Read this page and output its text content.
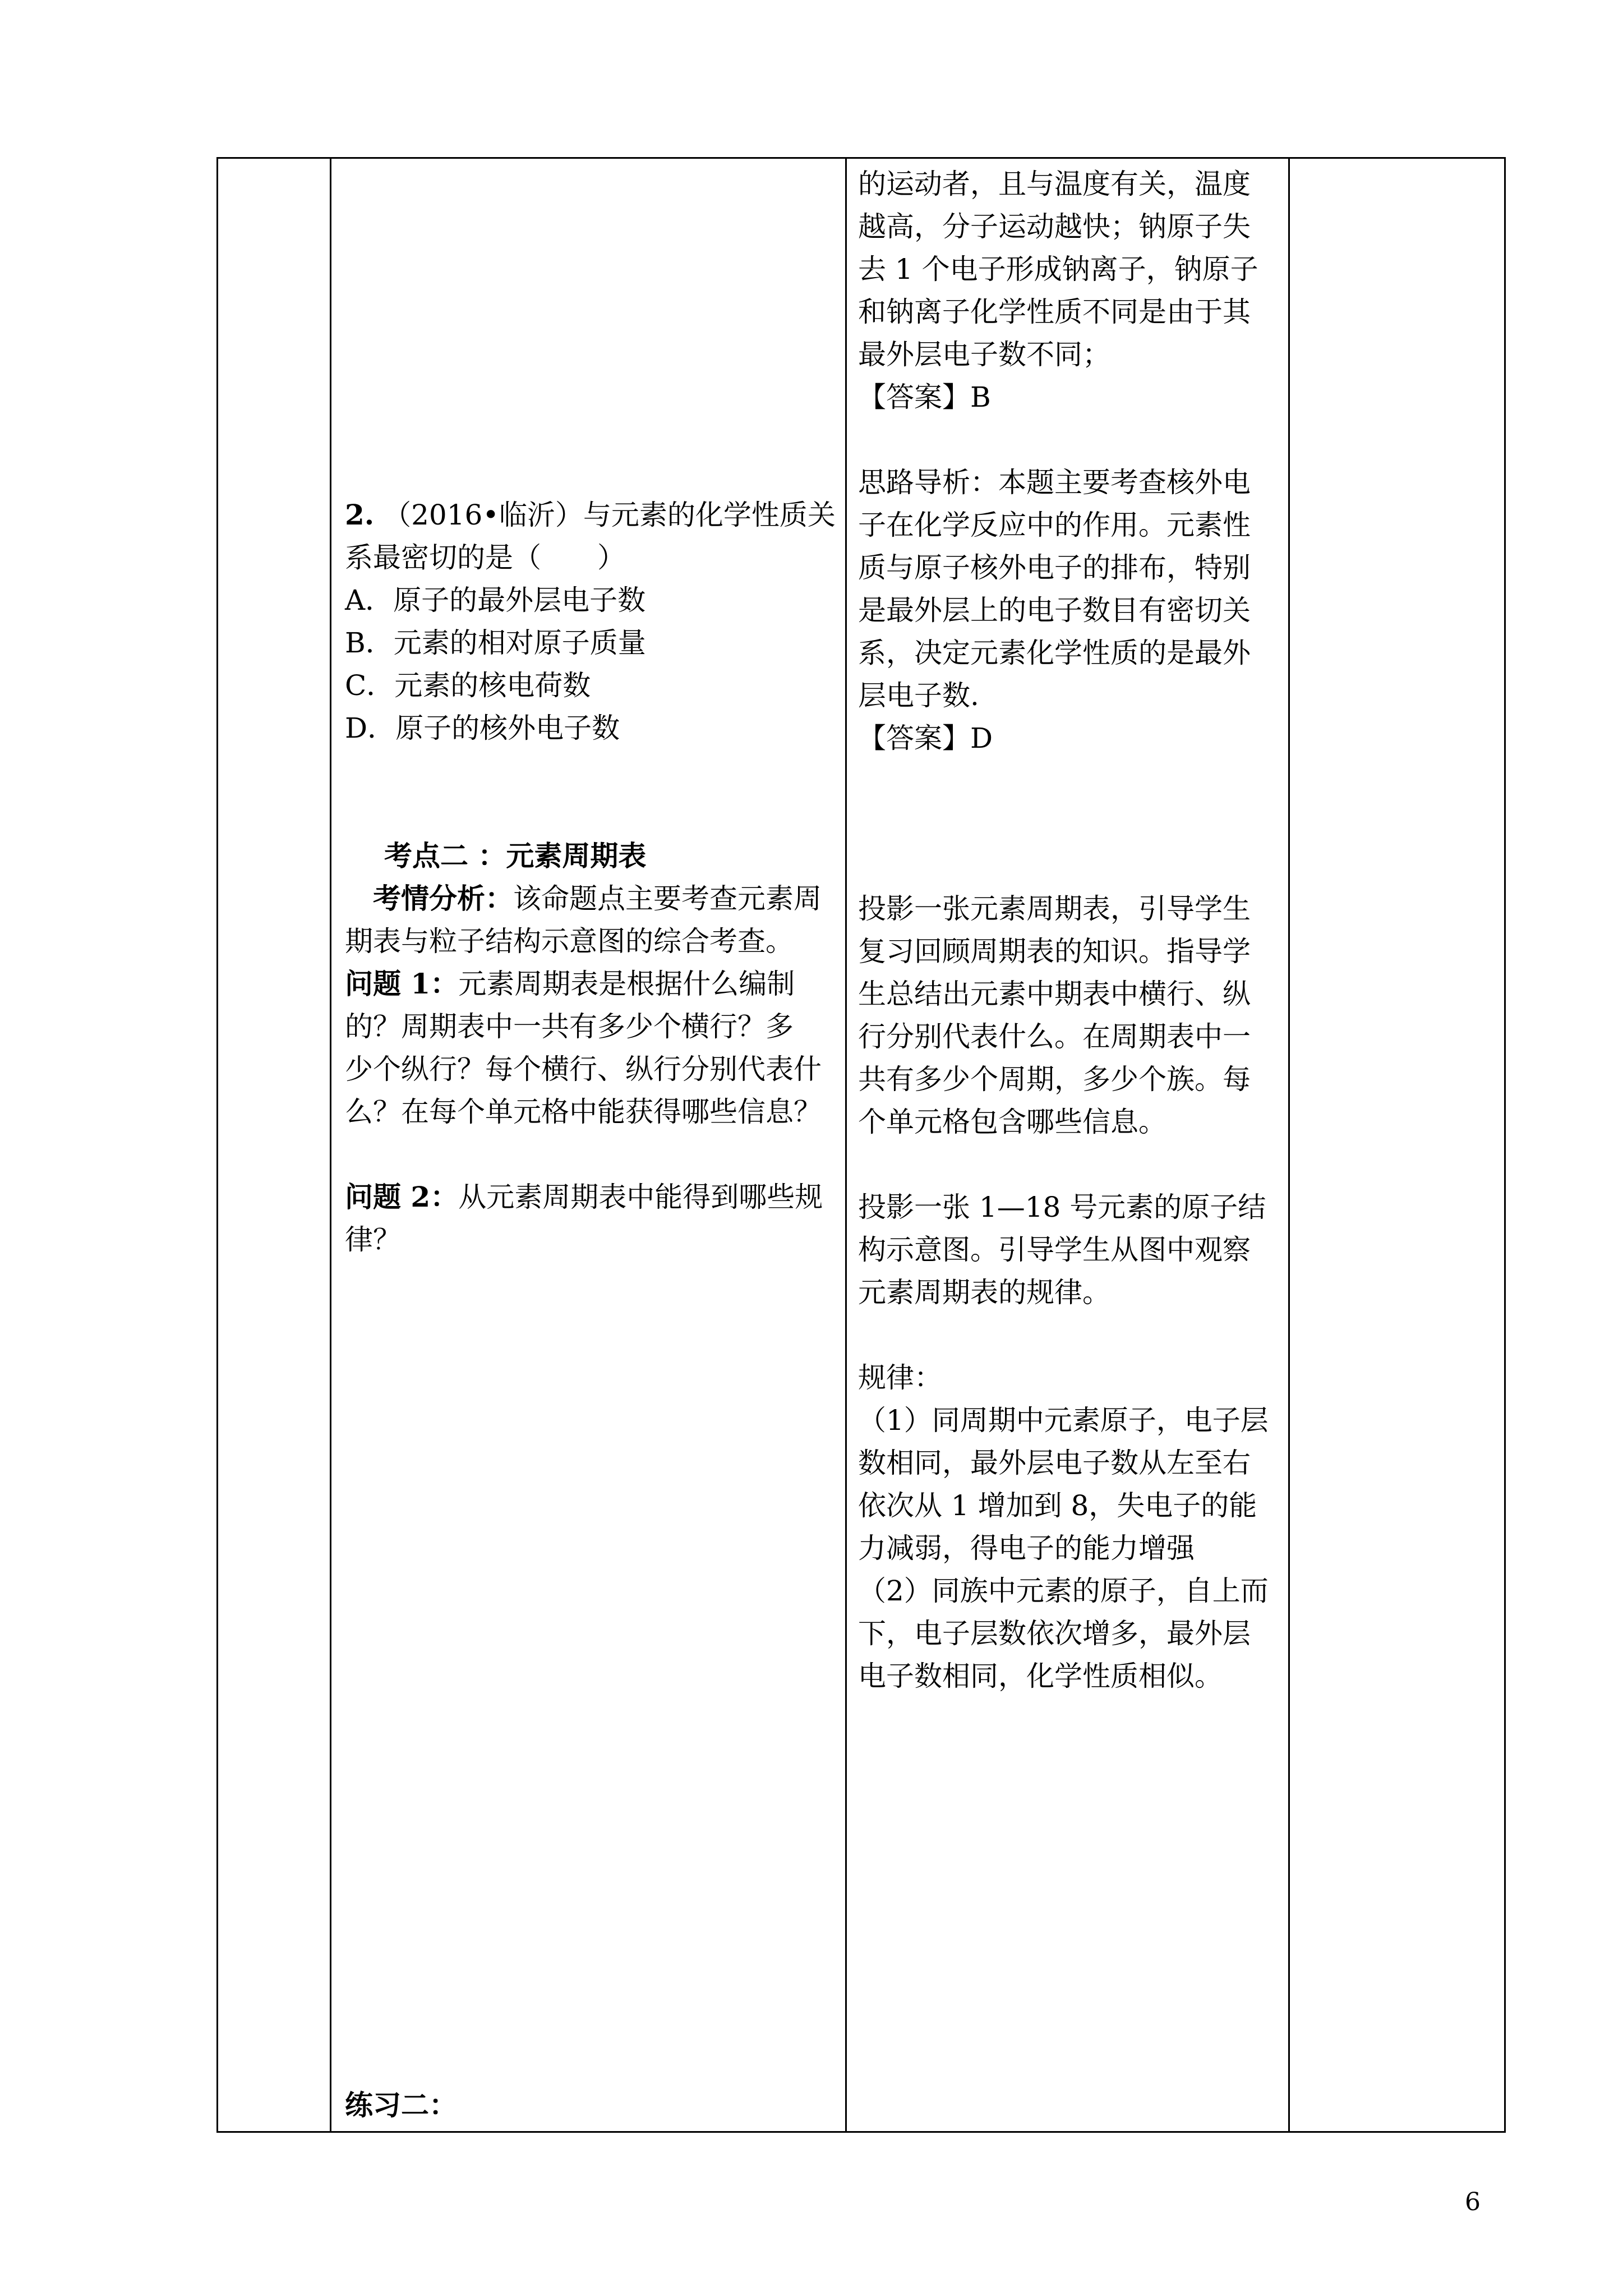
2. （2016•临沂）与元素的化学性质关

系最密切的是（　　）

A．原子的最外层电子数

B．元素的相对原子质量

C．元素的核电荷数

D．原子的核外电子数

考点二 ：元素周期表

考情分析：该命题点主要考查元素周

期表与粒子结构示意图的综合考查。

问题 1：元素周期表是根据什么编制

的？周期表中一共有多少个横行？多

少个纵行？每个横行、纵行分别代表什

么？在每个单元格中能获得哪些信息？

问题 2：从元素周期表中能得到哪些规

律？

练习二：

的运动者，且与温度有关，温度

越高，分子运动越快；钠原子失

去 1 个电子形成钠离子，钠原子

和钠离子化学性质不同是由于其

最外层电子数不同；

【答案】B

思路导析：本题主要考查核外电

子在化学反应中的作用。元素性

质与原子核外电子的排布，特别

是最外层上的电子数目有密切关

系，决定元素化学性质的是最外

层电子数.

【答案】D

投影一张元素周期表，引导学生

复习回顾周期表的知识。指导学

生总结出元素中期表中横行、纵

行分别代表什么。在周期表中一

共有多少个周期，多少个族。每

个单元格包含哪些信息。

投影一张 1—18 号元素的原子结

构示意图。引导学生从图中观察

元素周期表的规律。

规律：

（1）同周期中元素原子，电子层

数相同，最外层电子数从左至右

依次从 1 增加到 8，失电子的能

力减弱，得电子的能力增强

（2）同族中元素的原子，自上而

下，电子层数依次增多，最外层

电子数相同，化学性质相似。

6
